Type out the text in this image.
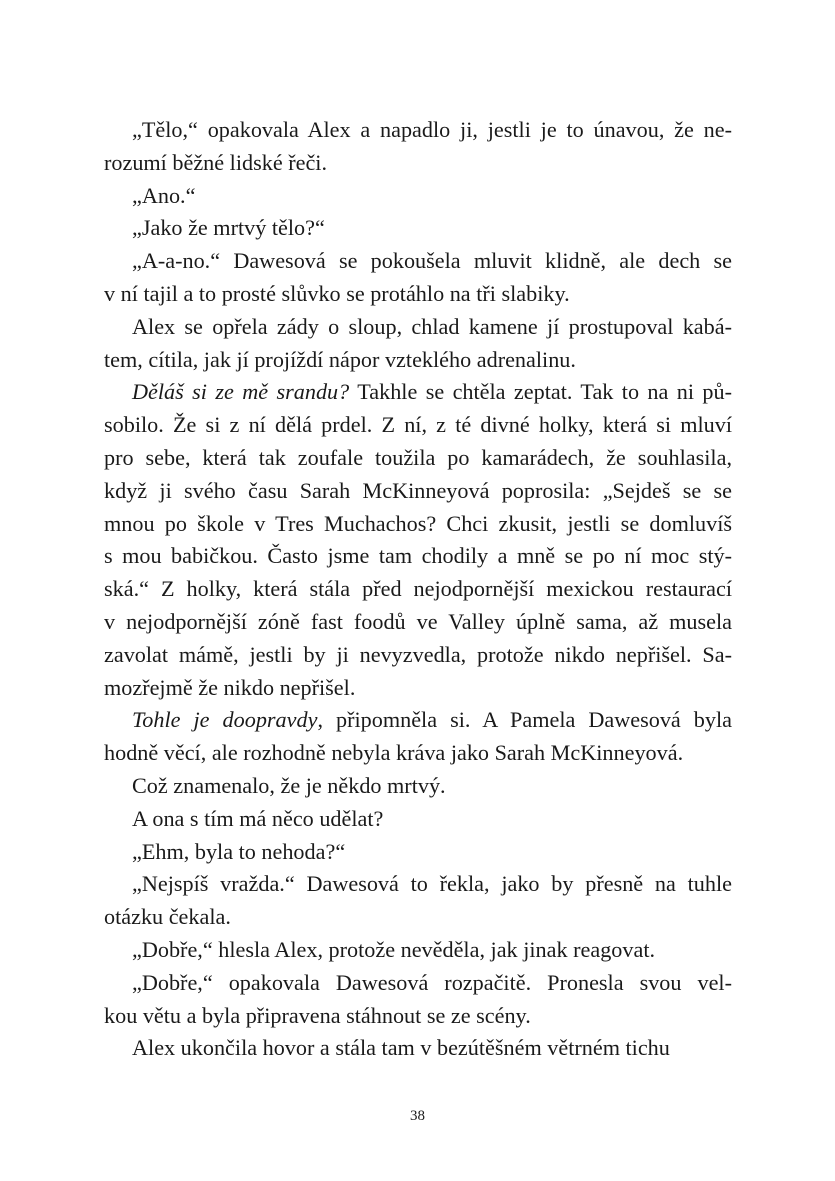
„Tělo,“ opakovala Alex a napadlo ji, jestli je to únavou, že ne-
rozumí běžné lidské řeči.
„Ano.“
„Jako že mrtvý tělo?“
„A-a-no.“ Dawesová se pokoušela mluvit klidně, ale dech se
v ní tajil a to prosté slůvko se protáhlo na tři slabiky.
Alex se opřela zády o sloup, chlad kamene jí prostupoval kabá-
tem, cítila, jak jí projíždí nápor vzteklého adrenalinu.
Děláš si ze mě srandu? Takhle se chtěla zeptat. Tak to na ni pů-
sobilo. Že si z ní dělá prdel. Z ní, z té divné holky, která si mluví
pro sebe, která tak zoufale toužila po kamarádech, že souhlasila,
když ji svého času Sarah McKinneyová poprosila: „Sejdeš se se
mnou po škole v Tres Muchachos? Chci zkusit, jestli se domluvíš
s mou babičkou. Často jsme tam chodily a mně se po ní moc stý-
ská.“ Z holky, která stála před nejodpornější mexickou restaurací
v nejodpornější zóně fast foodů ve Valley úplně sama, až musela
zavolat mámě, jestli by ji nevyzvedla, protože nikdo nepřišel. Sa-
mozřejmě že nikdo nepřišel.
Tohle je doopravdy, připomněla si. A Pamela Dawesová byla
hodně věcí, ale rozhodně nebyla kráva jako Sarah McKinneyová.
Což znamenalo, že je někdo mrtvý.
A ona s tím má něco udělat?
„Ehm, byla to nehoda?“
„Nejspíš vražda.“ Dawesová to řekla, jako by přesně na tuhle
otázku čekala.
„Dobře,“ hlesla Alex, protože nevěděla, jak jinak reagovat.
„Dobře,“ opakovala Dawesová rozpačitě. Pronesla svou vel-
kou větu a byla připravena stáhnout se ze scény.
Alex ukončila hovor a stála tam v bezútěšném větrném tichu
38
